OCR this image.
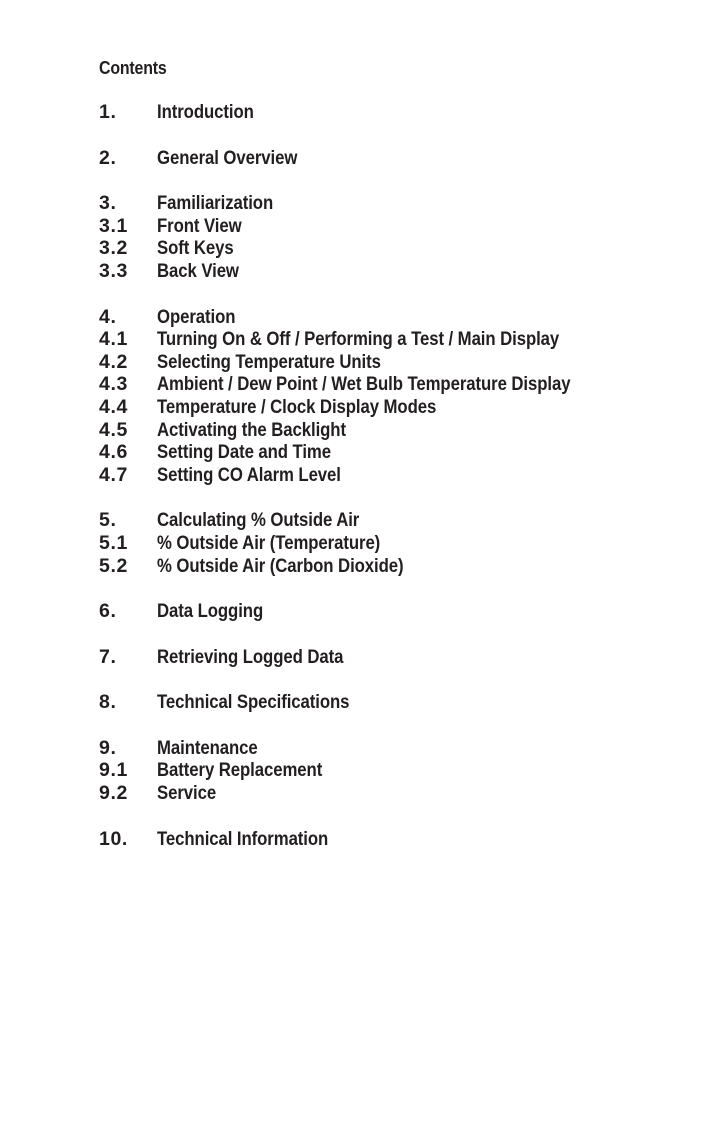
Contents
1.	Introduction
2.	General Overview
3.	Familiarization
3.1	Front View
3.2	Soft Keys
3.3	Back View
4.	Operation
4.1	Turning On & Off / Performing a Test / Main Display
4.2	Selecting Temperature Units
4.3	Ambient / Dew Point / Wet Bulb Temperature Display
4.4	Temperature / Clock Display Modes
4.5	Activating the Backlight
4.6	Setting Date and Time
4.7	Setting CO Alarm Level
5.	Calculating % Outside Air
5.1	% Outside Air (Temperature)
5.2	% Outside Air (Carbon Dioxide)
6.	Data Logging
7.	Retrieving Logged Data
8.	Technical Specifications
9.	Maintenance
9.1	Battery Replacement
9.2	Service
10.	Technical Information
